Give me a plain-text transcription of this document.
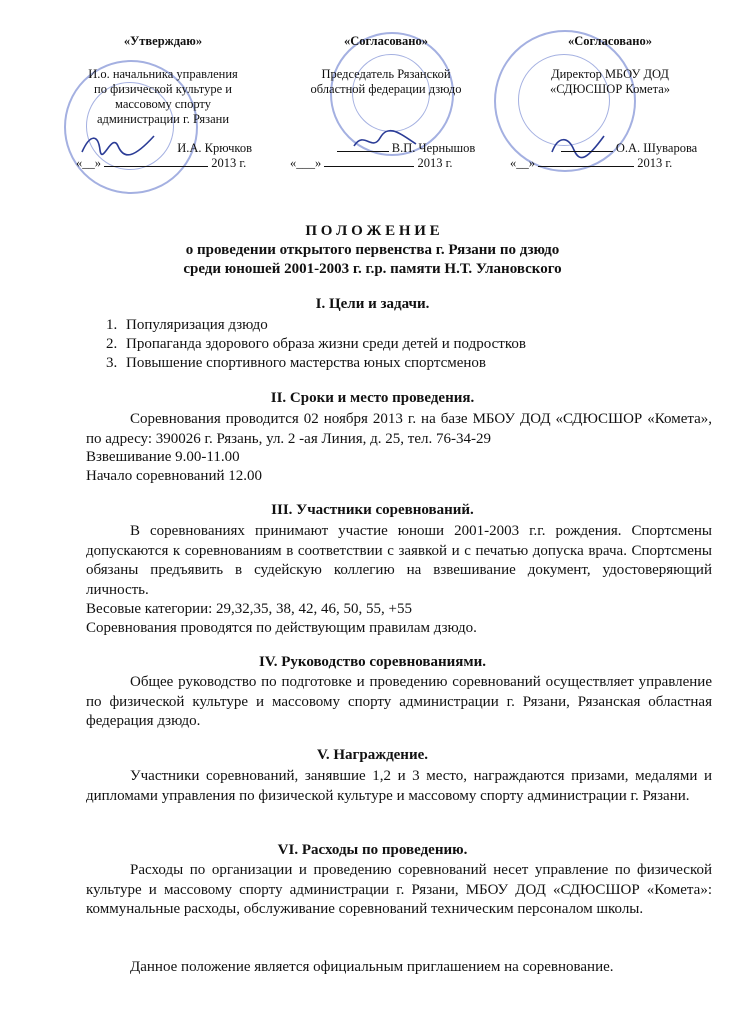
«Утверждаю»
И.о. начальника управления
по физической культуре и
массовому спорту
администрации г. Рязани
И.А. Крючков
«__»	2013 г.
«Согласовано»
Председатель Рязанской
областной федерации дзюдо
В.П. Чернышов
«___»	2013 г.
«Согласовано»
Директор МБОУ ДОД
«СДЮСШОР Комета»
О.А. Шуварова
«__»	2013 г.
П О Л О Ж Е Н И Е
о проведении открытого первенства г. Рязани по дзюдо
среди юношей 2001-2003 г. г.р. памяти Н.Т. Улановского
I. Цели и задачи.
1. Популяризация дзюдо
2. Пропаганда здорового образа жизни среди детей и подростков
3. Повышение спортивного мастерства юных спортсменов
II. Сроки и место проведения.
Соревнования проводится 02 ноября 2013 г. на базе МБОУ ДОД «СДЮСШОР «Комета», по адресу: 390026 г. Рязань, ул. 2 -ая Линия, д. 25, тел. 76-34-29
Взвешивание 9.00-11.00
Начало соревнований 12.00
III. Участники соревнований.
В соревнованиях принимают участие юноши 2001-2003 г.г. рождения. Спортсмены допускаются к соревнованиям в соответствии с заявкой и с печатью допуска врача. Спортсмены обязаны предъявить в судейскую коллегию на взвешивание документ, удостоверяющий личность.
Весовые категории: 29,32,35, 38, 42, 46, 50, 55, +55
Соревнования проводятся по действующим правилам дзюдо.
IV. Руководство соревнованиями.
Общее руководство по подготовке и проведению соревнований осуществляет управление по физической культуре и массовому спорту администрации г. Рязани, Рязанская областная федерация дзюдо.
V. Награждение.
Участники соревнований, занявшие 1,2 и 3 место, награждаются призами, медалями и дипломами управления по физической культуре и массовому спорту администрации г. Рязани.
VI. Расходы по проведению.
Расходы по организации и проведению соревнований несет управление по физической культуре и массовому спорту администрации г. Рязани, МБОУ ДОД «СДЮСШОР «Комета»: коммунальные расходы, обслуживание соревнований техническим персоналом школы.
Данное положение является официальным приглашением на соревнование.
